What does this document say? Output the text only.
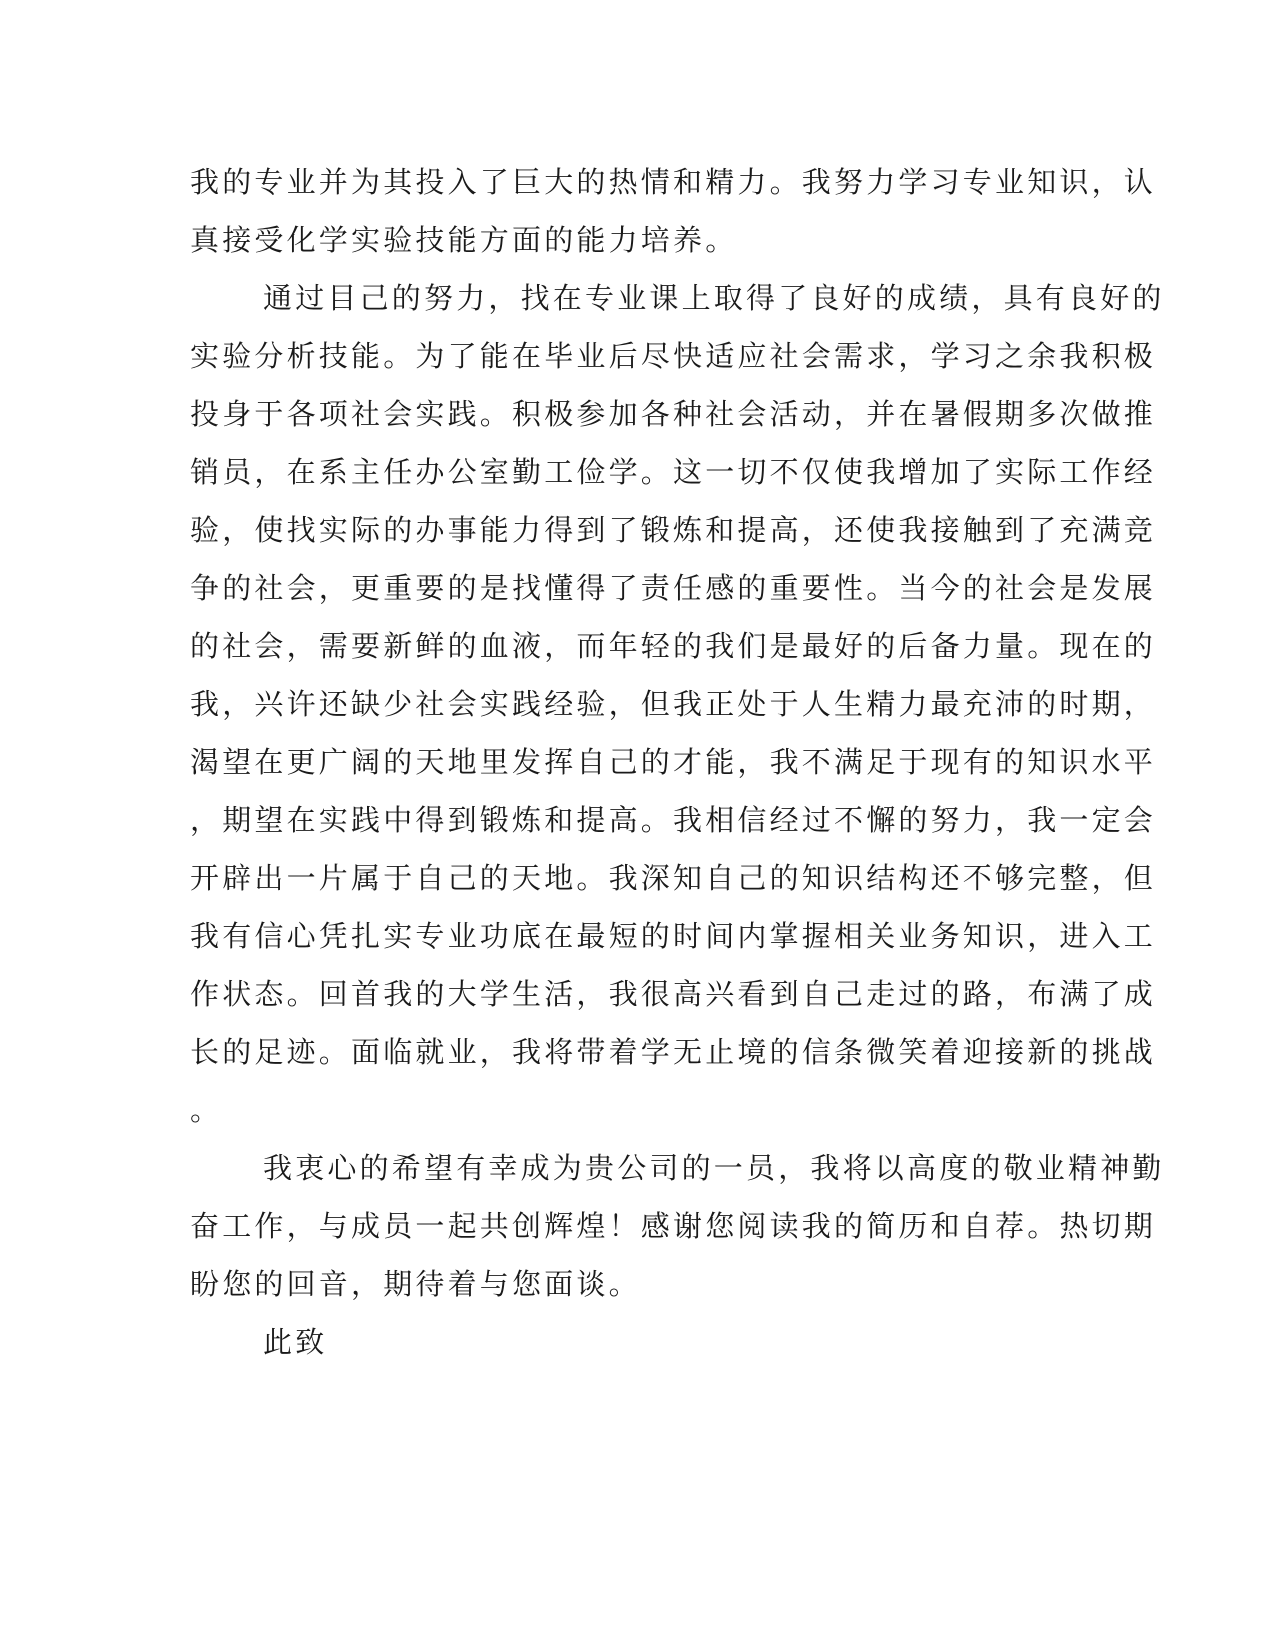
我的专业并为其投入了巨大的热情和精力。我努力学习专业知识，认
真接受化学实验技能方面的能力培养。
通过目己的努力，找在专业课上取得了良好的成绩，具有良好的
实验分析技能。为了能在毕业后尽快适应社会需求，学习之余我积极
投身于各项社会实践。积极参加各种社会活动，并在暑假期多次做推
销员，在系主任办公室勤工俭学。这一切不仅使我增加了实际工作经
验，使找实际的办事能力得到了锻炼和提高，还使我接触到了充满竞
争的社会，更重要的是找懂得了责任感的重要性。当今的社会是发展
的社会，需要新鲜的血液，而年轻的我们是最好的后备力量。现在的
我，兴许还缺少社会实践经验，但我正处于人生精力最充沛的时期，
渴望在更广阔的天地里发挥自己的才能，我不满足于现有的知识水平
，期望在实践中得到锻炼和提高。我相信经过不懈的努力，我一定会
开辟出一片属于自己的天地。我深知自己的知识结构还不够完整，但
我有信心凭扎实专业功底在最短的时间内掌握相关业务知识，进入工
作状态。回首我的大学生活，我很高兴看到自己走过的路，布满了成
长的足迹。面临就业，我将带着学无止境的信条微笑着迎接新的挑战
。
我衷心的希望有幸成为贵公司的一员，我将以高度的敬业精神勤
奋工作，与成员一起共创辉煌！感谢您阅读我的简历和自荐。热切期
盼您的回音，期待着与您面谈。
此致
